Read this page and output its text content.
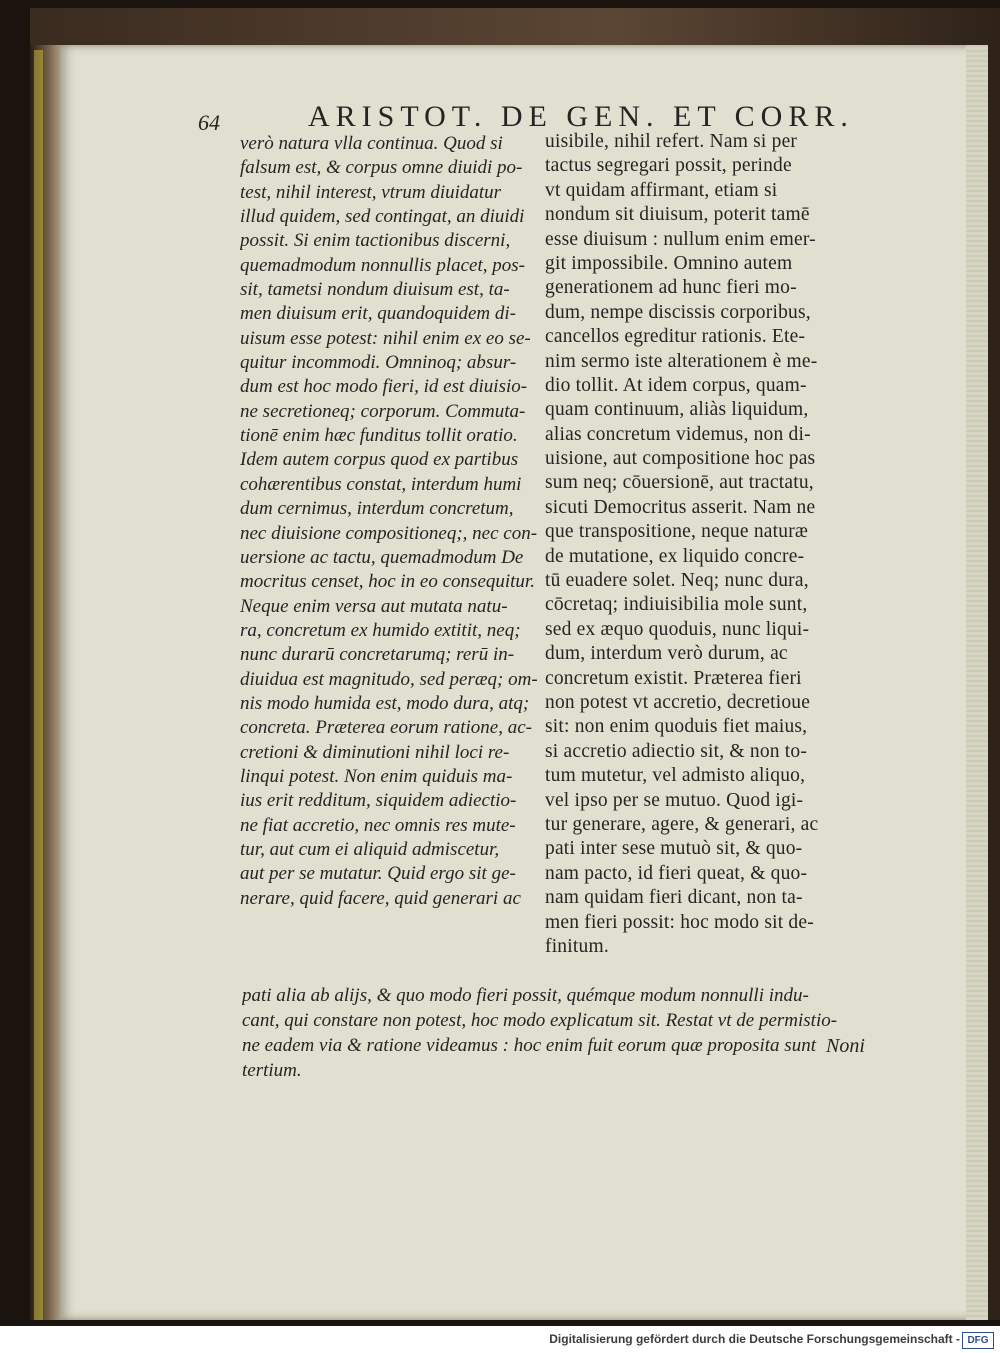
64	ARISTOT. DE GEN. ET CORR.
verò natura vlla continua. Quod si
falsum est, & corpus omne diuidi po-
test, nihil interest, vtrum diuidatur
illud quidem, sed contingat, an diuidi
possit. Si enim tactionibus discerni,
quemadmodum nonnullis placet, pos-
sit, tametsi nondum diuisum est, ta-
men diuisum erit, quandoquidem di-
uisum esse potest: nihil enim ex eo se-
quitur incommodi. Omninoq; absur-
dum est hoc modo fieri, id est diuisio-
ne secretioneq; corporum. Commuta-
tionē enim hæc funditus tollit oratio.
Idem autem corpus quod ex partibus
cohærentibus constat, interdum humi
dum cernimus, interdum concretum,
nec diuisione compositioneq;, nec con-
uersione ac tactu, quemadmodum De
mocritus censet, hoc in eo consequitur.
Neque enim versa aut mutata natu-
ra, concretum ex humido extitit, neq;
nunc durarū concretarumq; rerū in-
diuidua est magnitudo, sed peræq; om-
nis modo humida est, modo dura, atq;
concreta. Præterea eorum ratione, ac-
cretioni & diminutioni nihil loci re-
linqui potest. Non enim quiduis ma-
ius erit redditum, siquidem adiectio-
ne fiat accretio, nec omnis res mute-
tur, aut cum ei aliquid admiscetur,
aut per se mutatur. Quid ergo sit ge-
nerare, quid facere, quid generari ac
uisibile, nihil refert. Nam si per
tactus segregari possit, perinde
vt quidam affirmant, etiam si
nondum sit diuisum, poterit tamē
esse diuisum : nullum enim emer-
git impossibile. Omnino autem
generationem ad hunc fieri mo-
dum, nempe discissis corporibus,
cancellos egreditur rationis. Ete-
nim sermo iste alterationem è me-
dio tollit. At idem corpus, quam-
quam continuum, aliàs liquidum,
alias concretum videmus, non di-
uisione, aut compositione hoc pas
sum neq; cōuersionē, aut tractatu,
sicuti Democritus asserit. Nam ne
que transpositione, neque naturæ
de mutatione, ex liquido concre-
tū euadere solet. Neq; nunc dura,
cōcretaq; indiuisibilia mole sunt,
sed ex æquo quoduis, nunc liqui-
dum, interdum verò durum, ac
concretum existit. Præterea fieri
non potest vt accretio, decretioue
sit: non enim quoduis fiet maius,
si accretio adiectio sit, & non to-
tum mutetur, vel admisto aliquo,
vel ipso per se mutuo. Quod igi-
tur generare, agere, & generari, ac
pati inter sese mutuò sit, & quo-
nam pacto, id fieri queat, & quo-
nam quidam fieri dicant, non ta-
men fieri possit: hoc modo sit de-
finitum.
pati alia ab alijs, & quo modo fieri possit, quémque modum nonnulli indu-
cant, qui constare non potest, hoc modo explicatum sit. Restat vt de permistio-
ne eadem via & ratione videamus : hoc enim fuit eorum quæ proposita sunt
tertium.
Noni
Digitalisierung gefördert durch die Deutsche Forschungsgemeinschaft - DFG
